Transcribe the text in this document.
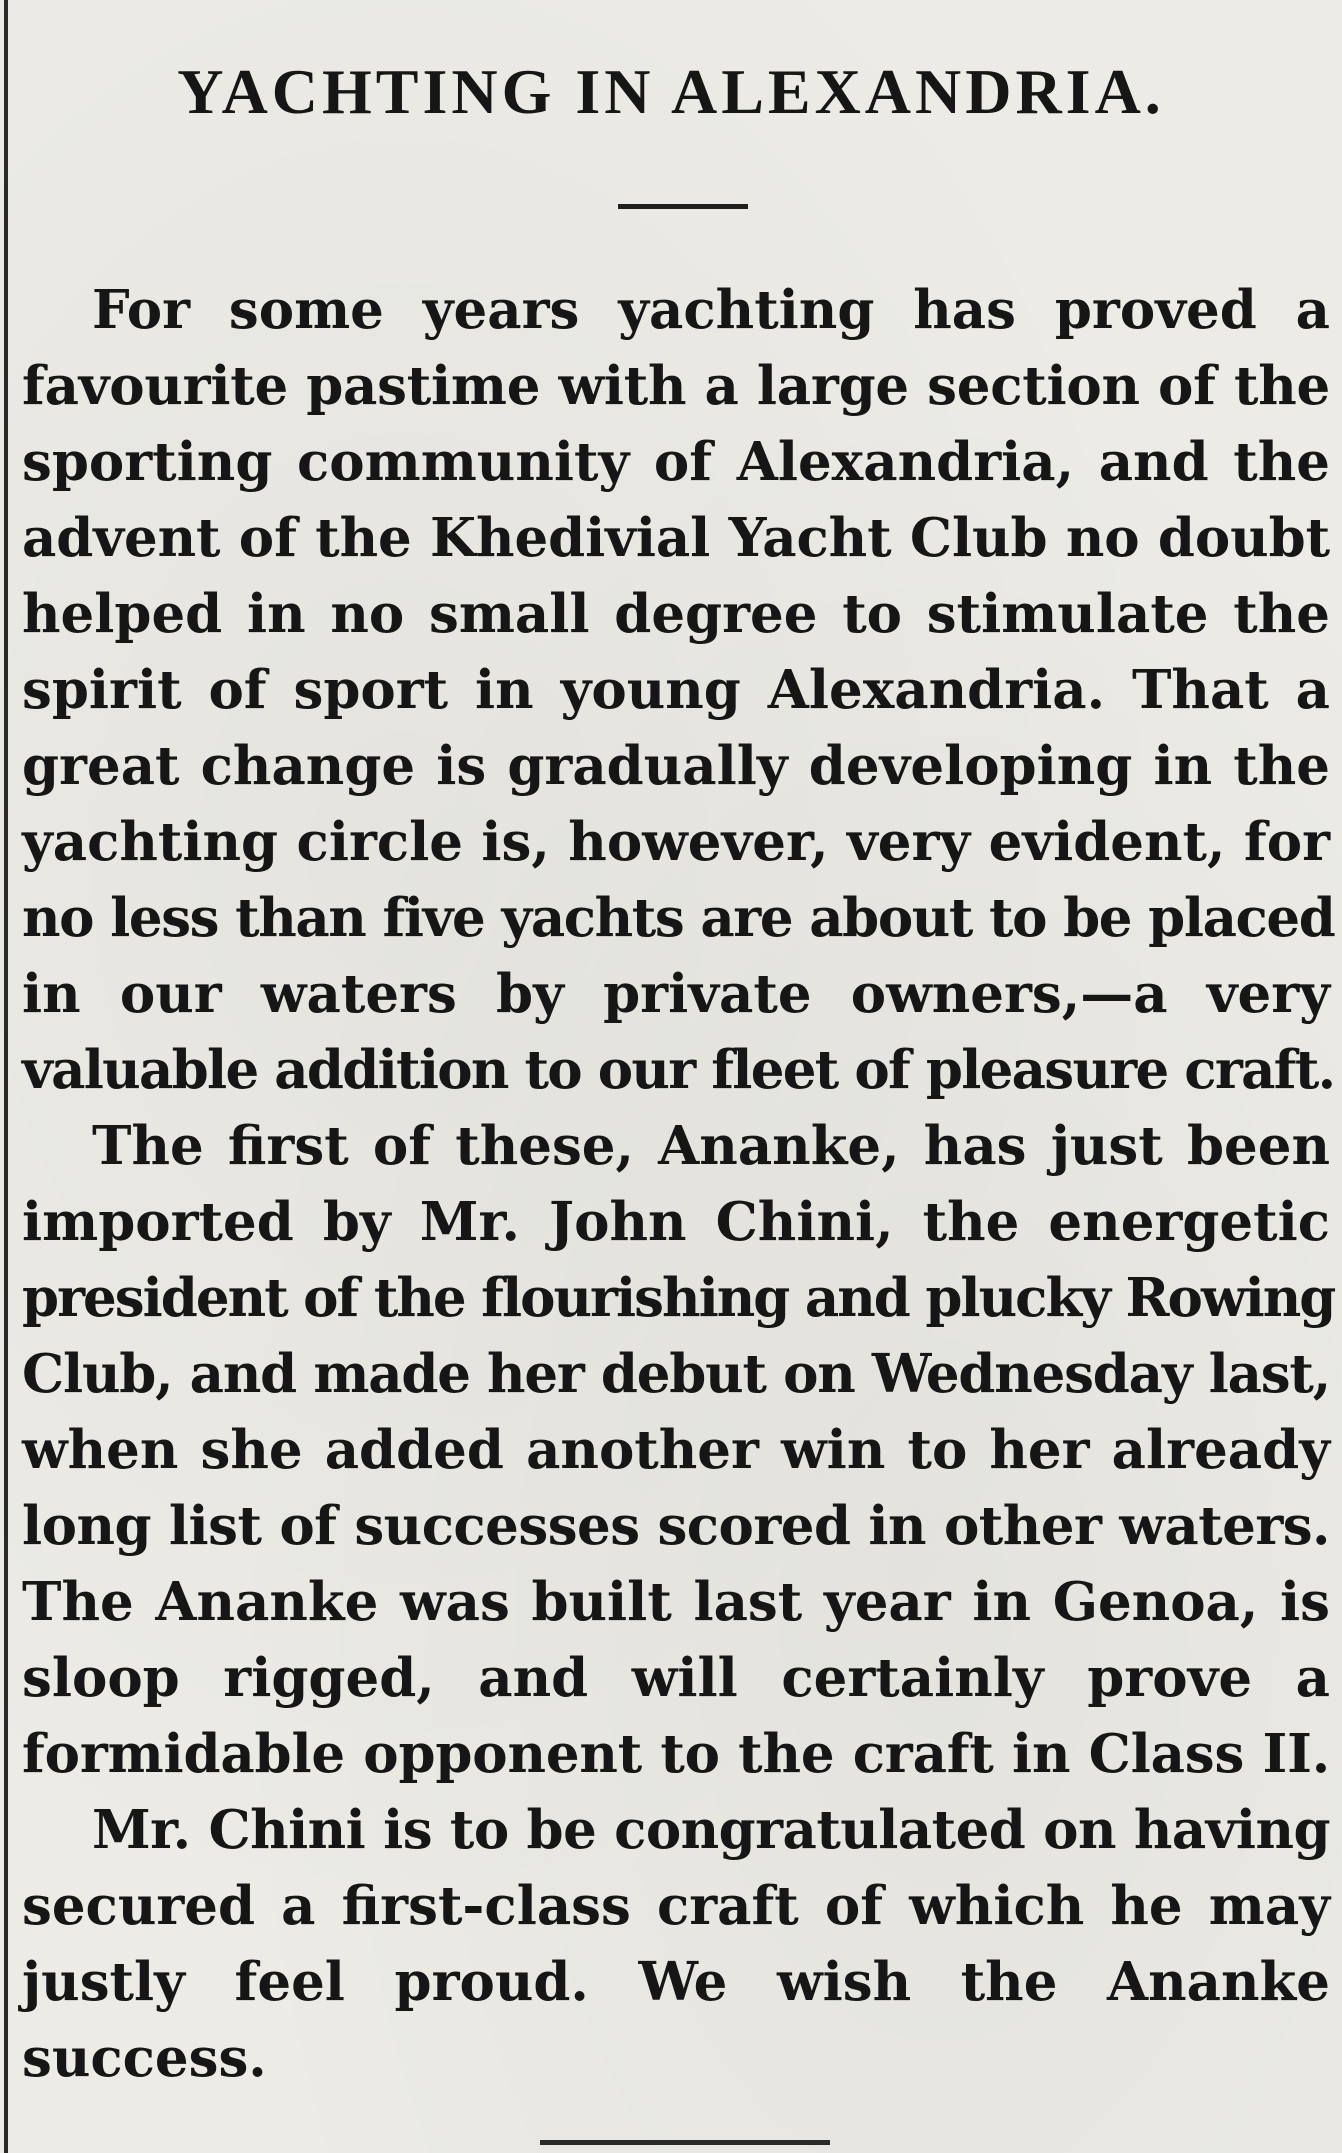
YACHTING IN ALEXANDRIA.

For some years yachting has proved a
favourite pastime with a large section of the
sporting community of Alexandria, and the
advent of the Khedivial Yacht Club no doubt
helped in no small degree to stimulate the
spirit of sport in young Alexandria. That a
great change is gradually developing in the
yachting circle is, however, very evident, for
no less than five yachts are about to be placed
in our waters by private owners,—a very
valuable addition to our fleet of pleasure craft.

The first of these, Ananke, has just been
imported by Mr. John Chini, the energetic
president of the flourishing and plucky Rowing
Club, and made her debut on Wednesday last,
when she added another win to her already
long list of successes scored in other waters.
The Ananke was built last year in Genoa, is
sloop rigged, and will certainly prove a
formidable opponent to the craft in Class II.

Mr. Chini is to be congratulated on having
secured a first-class craft of which he may
justly feel proud. We wish the Ananke
success.
